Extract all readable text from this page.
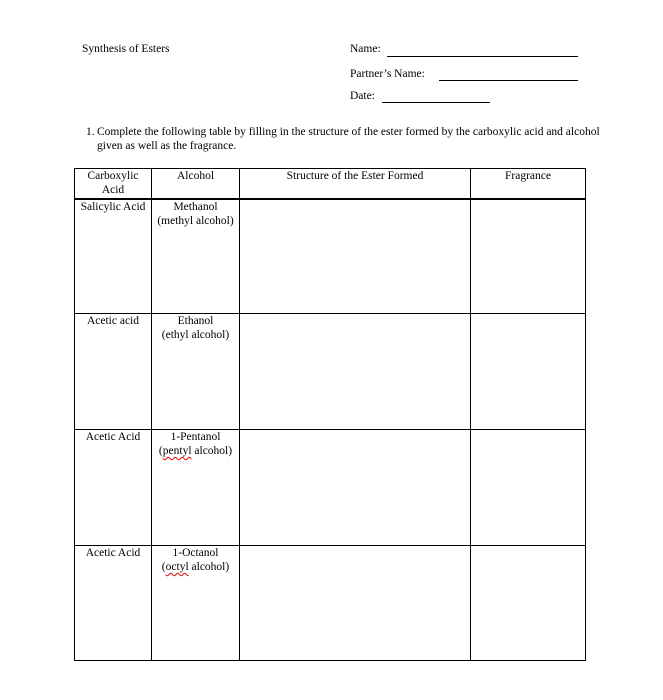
Synthesis of Esters	Name:
Partner’s Name:
Date:
1. Complete the following table by filling in the structure of the ester formed by the carboxylic acid and alcohol given as well as the fragrance.
Carboxylic Acid	Alcohol	Structure of the Ester Formed	Fragrance
Salicylic Acid	Methanol
(methyl alcohol)		

Acetic acid	Ethanol
(ethyl alcohol)		

Acetic Acid	1-Pentanol
(pentyl alcohol)		

Acetic Acid	1-Octanol
(octyl alcohol)		
